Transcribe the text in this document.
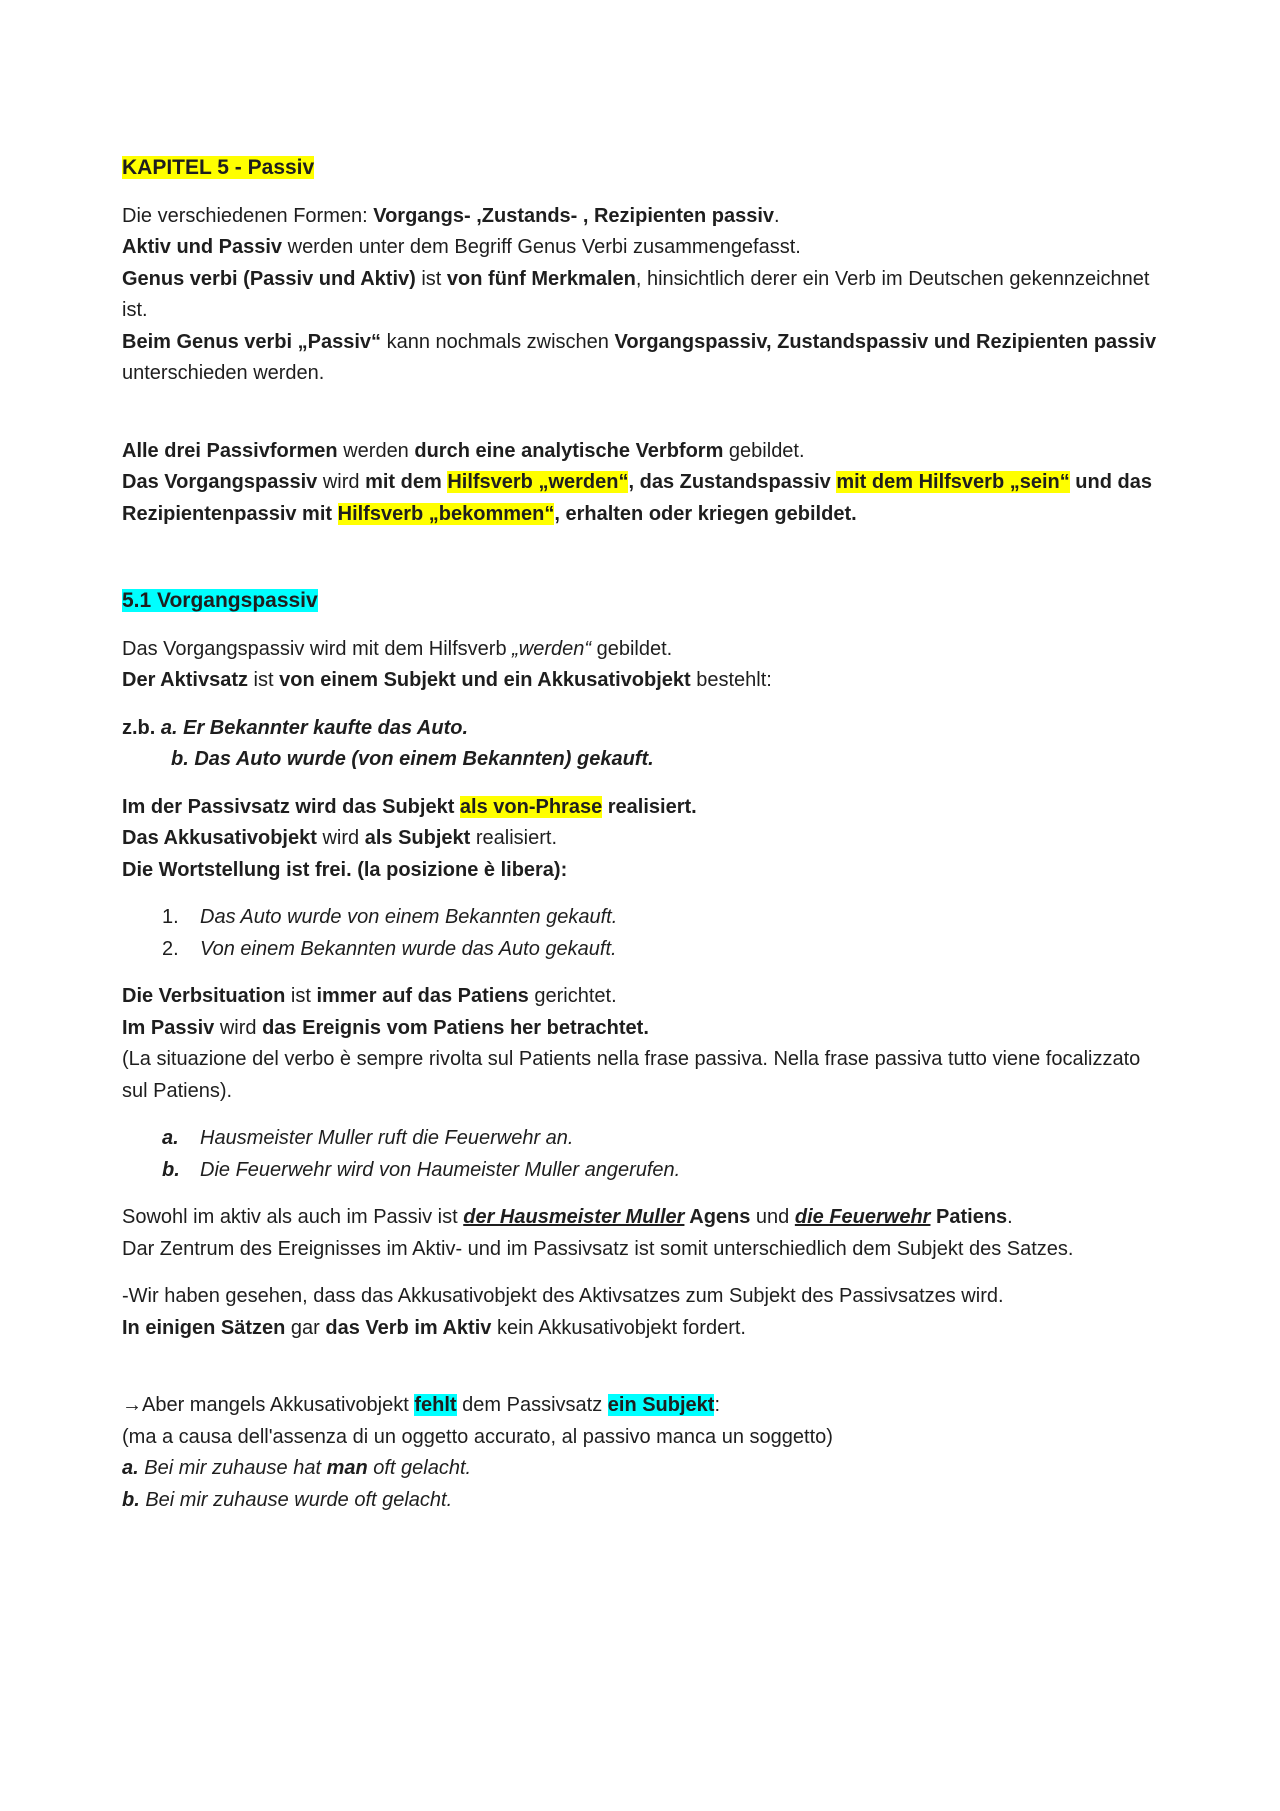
KAPITEL 5 - Passiv

Die verschiedenen Formen: Vorgangs- ,Zustands- , Rezipienten passiv.

Aktiv und Passiv werden unter dem Begriff Genus Verbi zusammengefasst.

Genus verbi (Passiv und Aktiv) ist von fünf Merkmalen, hinsichtlich derer ein Verb im Deutschen gekennzeichnet ist.

Beim Genus verbi „Passiv“ kann nochmals zwischen Vorgangspassiv, Zustandspassiv und Rezipienten passiv unterschieden werden.

Alle drei Passivformen werden durch eine analytische Verbform gebildet.

Das Vorgangspassiv wird mit dem Hilfsverb „werden“, das Zustandspassiv mit dem Hilfsverb „sein“ und das Rezipientenpassiv mit Hilfsverb „bekommen“, erhalten oder kriegen gebildet.

5.1 Vorgangspassiv

Das Vorgangspassiv wird mit dem Hilfsverb „werden“ gebildet.

Der Aktivsatz ist von einem Subjekt und ein Akkusativobjekt bestehlt:

z.b. a. Er Bekannter kaufte das Auto.

b. Das Auto wurde (von einem Bekannten) gekauft.

Im der Passivsatz wird das Subjekt als von-Phrase realisiert.

Das Akkusativobjekt wird als Subjekt realisiert.

Die Wortstellung ist frei. (la posizione è libera):

1. Das Auto wurde von einem Bekannten gekauft.
2. Von einem Bekannten wurde das Auto gekauft.

Die Verbsituation ist immer auf das Patiens gerichtet.

Im Passiv wird das Ereignis vom Patiens her betrachtet.

(La situazione del verbo è sempre rivolta sul Patients nella frase passiva. Nella frase passiva tutto viene focalizzato sul Patiens).

a. Hausmeister Muller ruft die Feuerwehr an.
b. Die Feuerwehr wird von Haumeister Muller angerufen.

Sowohl im aktiv als auch im Passiv ist der Hausmeister Muller Agens und die Feuerwehr Patiens.

Dar Zentrum des Ereignisses im Aktiv- und im Passivsatz ist somit unterschiedlich dem Subjekt des Satzes.

-Wir haben gesehen, dass das Akkusativobjekt des Aktivsatzes zum Subjekt des Passivsatzes wird.

In einigen Sätzen gar das Verb im Aktiv kein Akkusativobjekt fordert.

→Aber mangels Akkusativobjekt fehlt dem Passivsatz ein Subjekt:

(ma a causa dell'assenza di un oggetto accurato, al passivo manca un soggetto)

a. Bei mir zuhause hat man oft gelacht.

b. Bei mir zuhause wurde oft gelacht.
